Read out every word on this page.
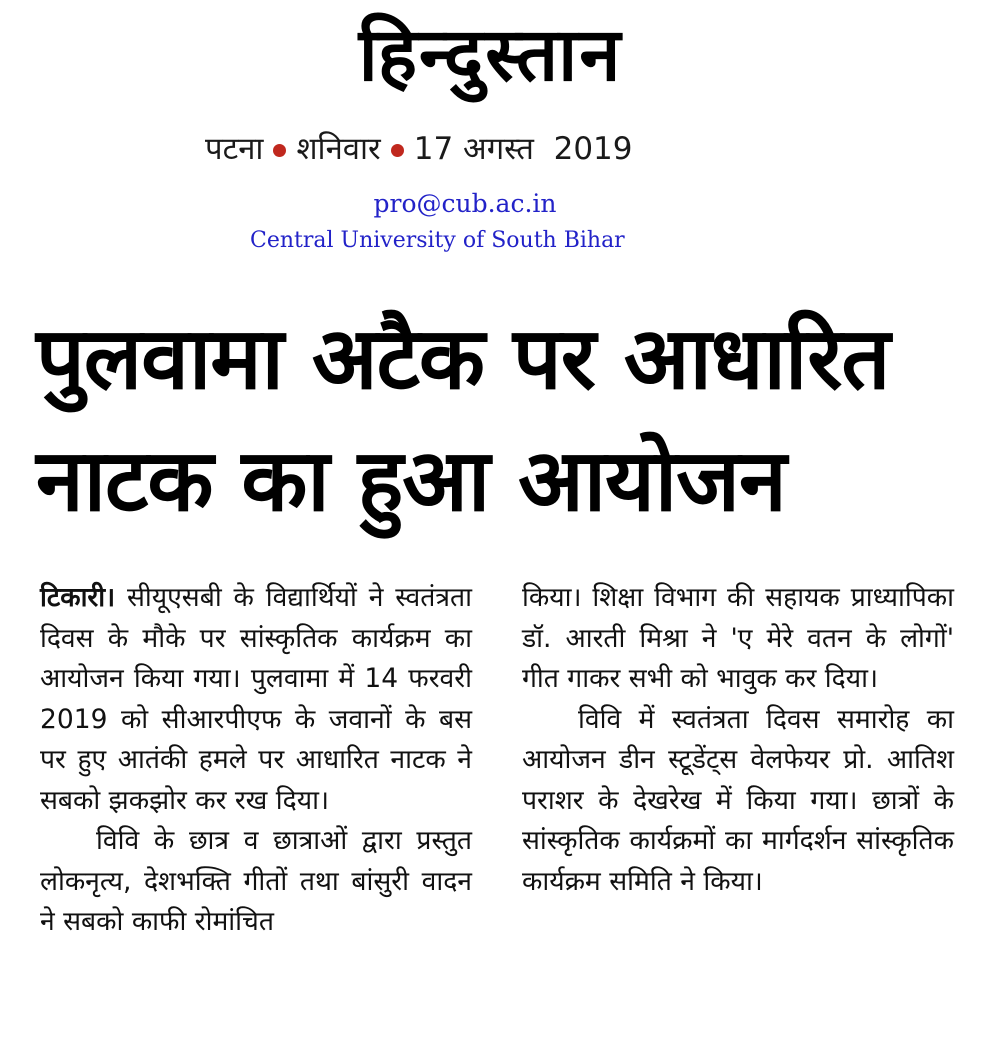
हिन्दुस्तान
पटना शनिवार 17 अगस्त  2019
pro@cub.ac.in
Central University of South Bihar
पुलवामा अटैक पर आधारित
नाटक का हुआ आयोजन

टिकारी। सीयूएसबी के विद्यार्थियों ने स्वतंत्रता दिवस के मौके पर सांस्कृतिक कार्यक्रम का आयोजन किया गया। पुलवामा में 14 फरवरी 2019 को सीआरपीएफ के जवानों के बस पर हुए आतंकी हमले पर आधारित नाटक ने सबको झकझोर कर रख दिया।

विवि के छात्र व छात्राओं द्वारा प्रस्तुत लोकनृत्य, देशभक्ति गीतों तथा बांसुरी वादन ने सबको काफी रोमांचित

किया। शिक्षा विभाग की सहायक प्राध्यापिका डॉ. आरती मिश्रा ने 'ए मेरे वतन के लोगों' गीत गाकर सभी को भावुक कर दिया।

विवि में स्वतंत्रता दिवस समारोह का आयोजन डीन स्टूडेंट्स वेलफेयर प्रो. आतिश पराशर के देखरेख में किया गया। छात्रों के सांस्कृतिक कार्यक्रमों का मार्गदर्शन सांस्कृतिक कार्यक्रम समिति ने किया।
